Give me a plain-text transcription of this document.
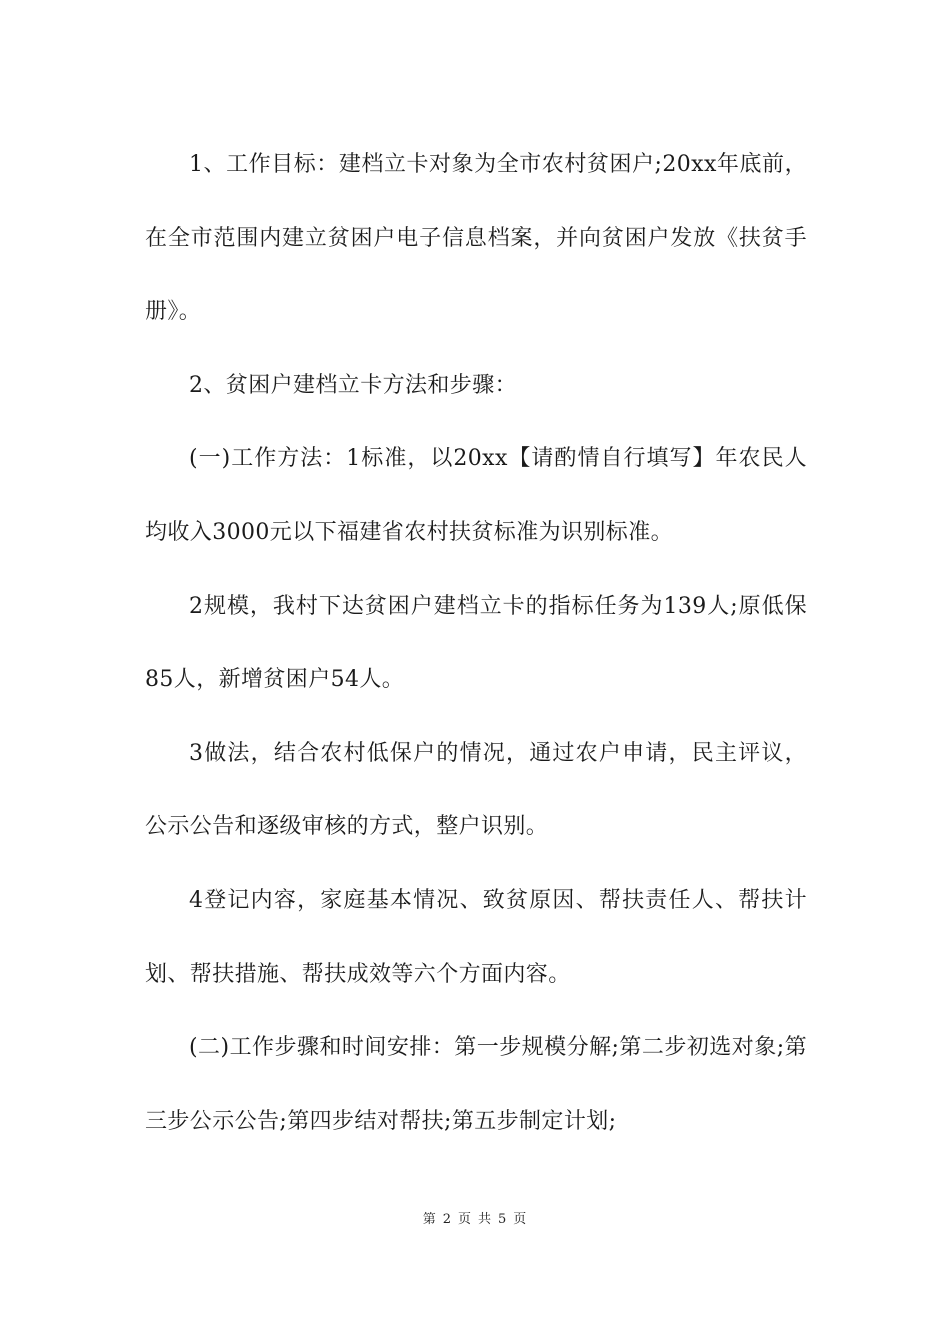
1、工作目标：建档立卡对象为全市农村贫困户;20xx年底前，在全市范围内建立贫困户电子信息档案，并向贫困户发放《扶贫手册》。

2、贫困户建档立卡方法和步骤：

(一)工作方法：1标准，以20xx【请酌情自行填写】年农民人均收入3000元以下福建省农村扶贫标准为识别标准。

2规模，我村下达贫困户建档立卡的指标任务为139人;原低保85人，新增贫困户54人。

3做法，结合农村低保户的情况，通过农户申请，民主评议，公示公告和逐级审核的方式，整户识别。

4登记内容，家庭基本情况、致贫原因、帮扶责任人、帮扶计划、帮扶措施、帮扶成效等六个方面内容。

(二)工作步骤和时间安排：第一步规模分解;第二步初选对象;第三步公示公告;第四步结对帮扶;第五步制定计划;

第 2 页 共 5 页
